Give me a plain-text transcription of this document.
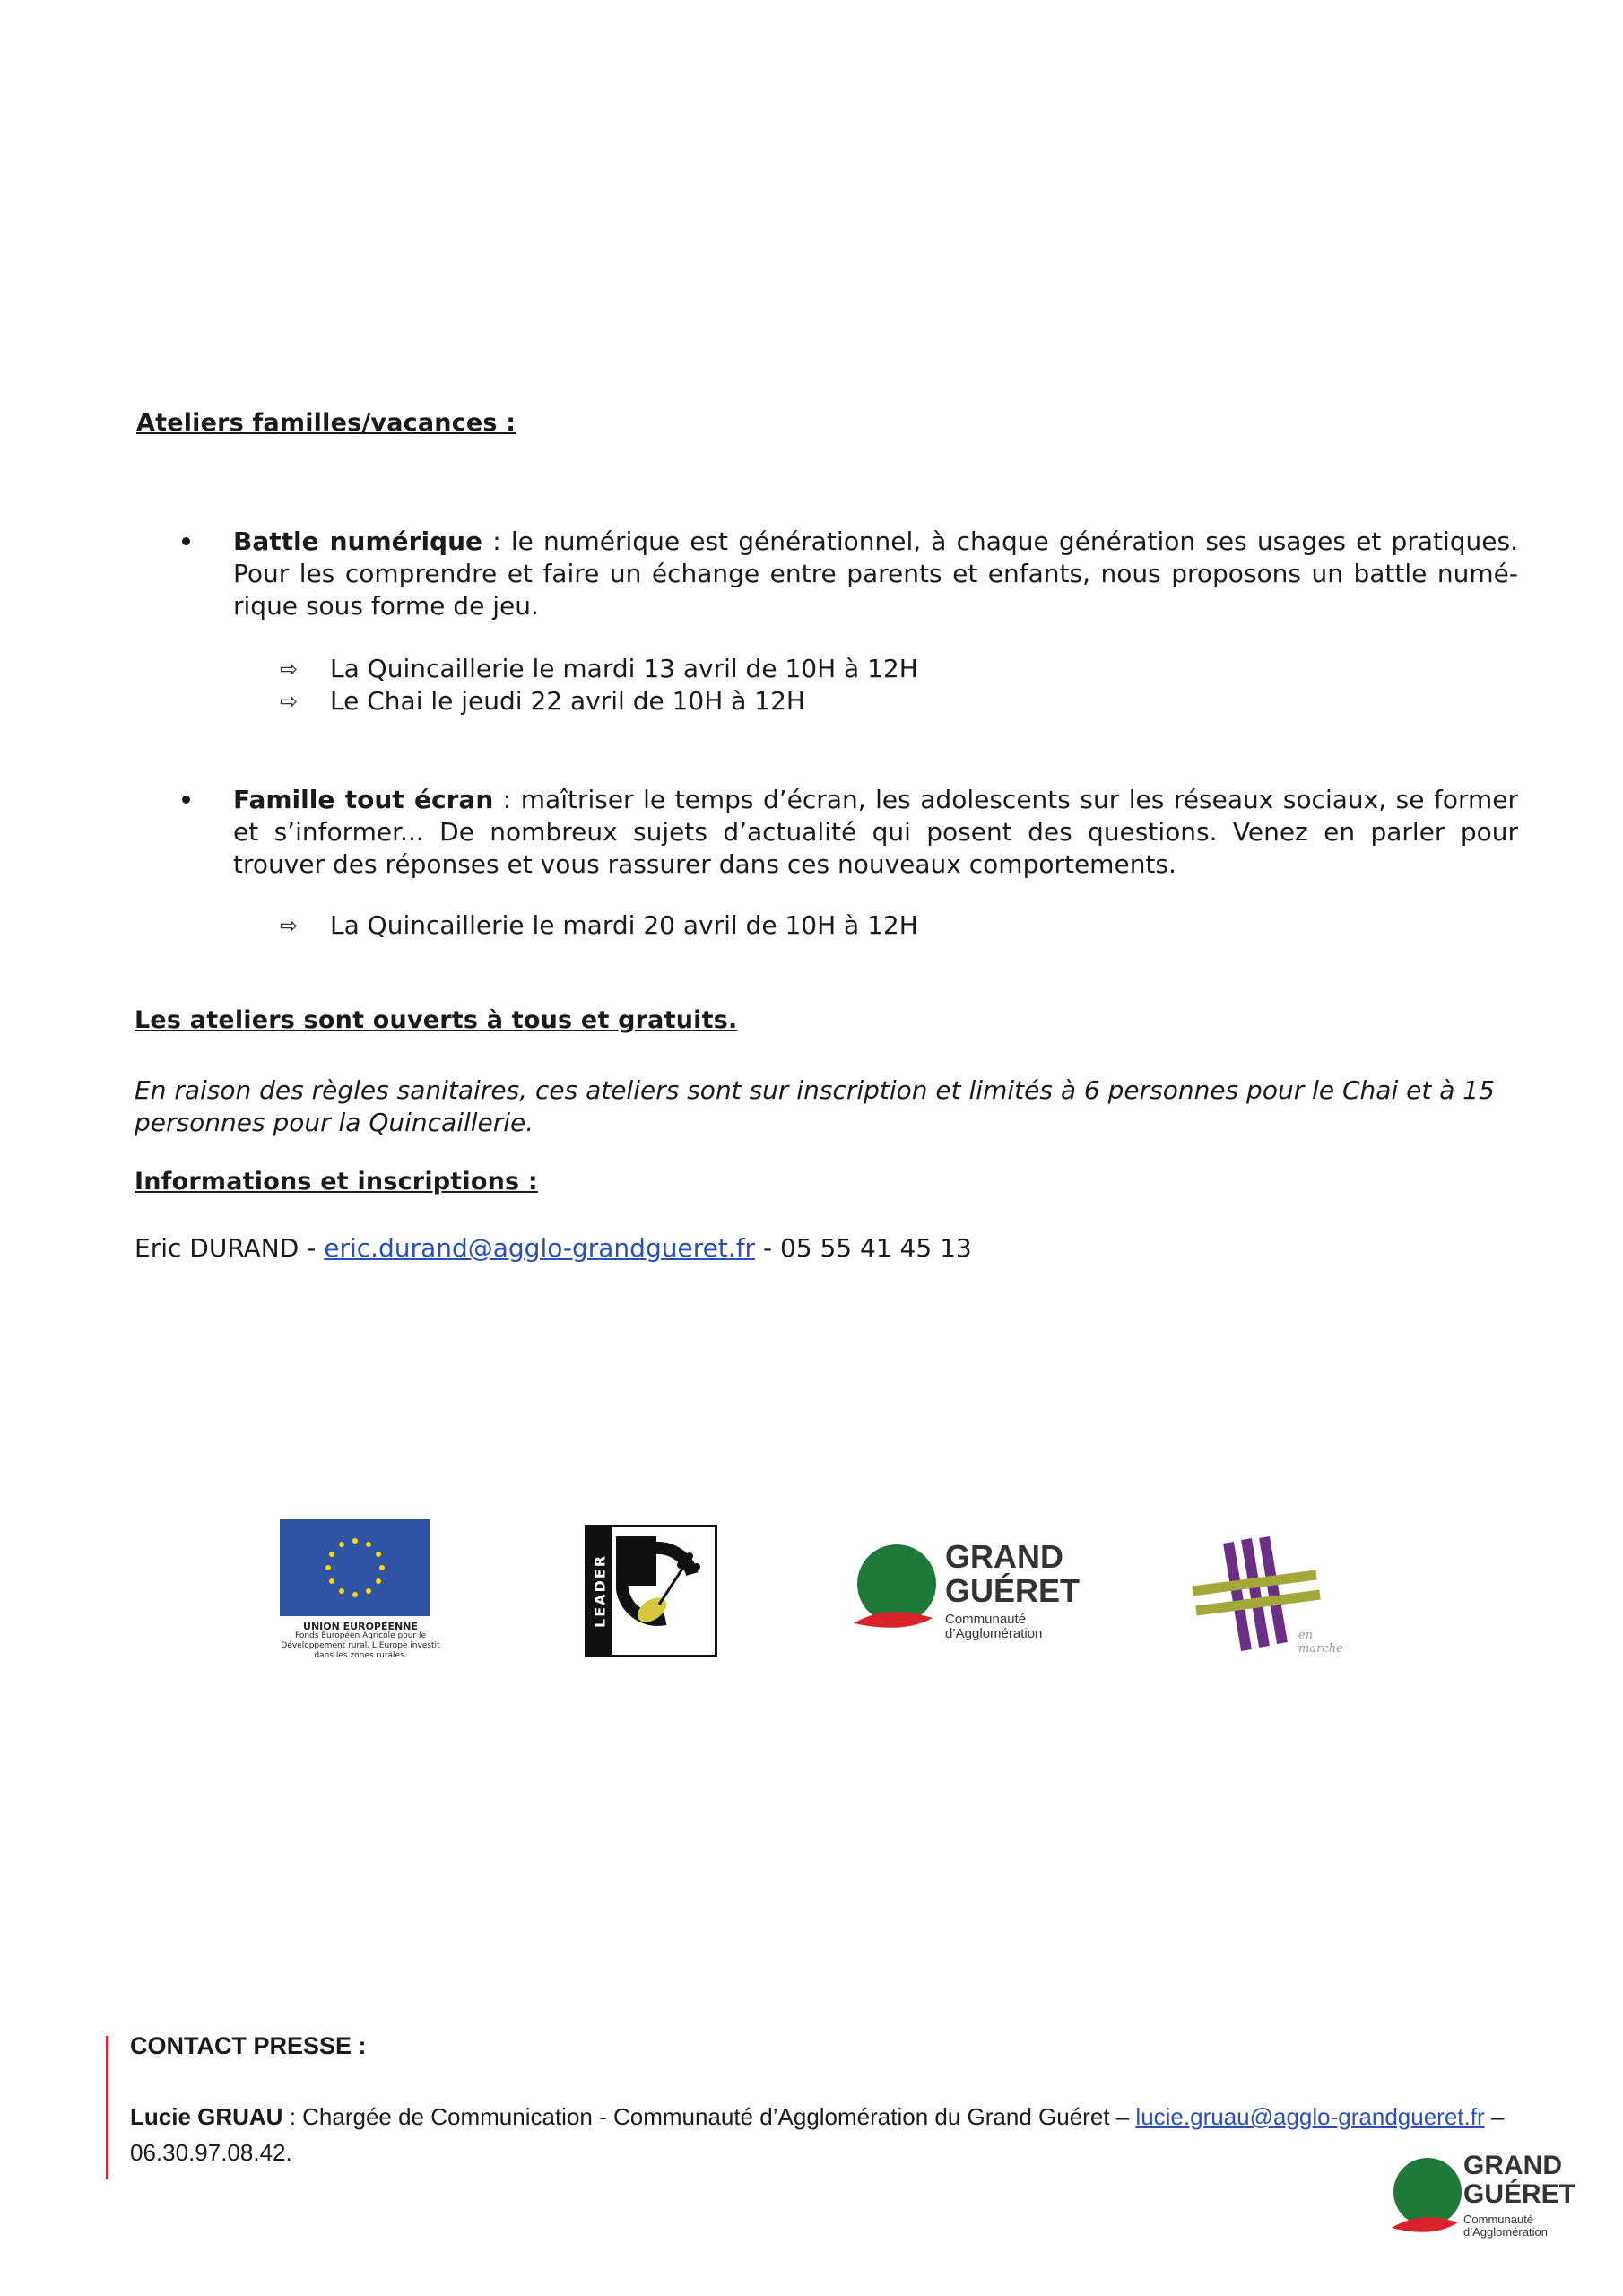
Ateliers familles/vacances :
Battle numérique : le numérique est générationnel, à chaque génération ses usages et pratiques. Pour les comprendre et faire un échange entre parents et enfants, nous proposons un battle numé-rique sous forme de jeu.
⇨	La Quincaillerie le mardi 13 avril de 10H à 12H
⇨	Le Chai le jeudi 22 avril de 10H à 12H
Famille tout écran : maîtriser le temps d’écran, les adolescents sur les réseaux sociaux, se former et s’informer... De nombreux sujets d’actualité qui posent des questions. Venez en parler pour trouver des réponses et vous rassurer dans ces nouveaux comportements.
⇨	La Quincaillerie le mardi 20 avril de 10H à 12H
Les ateliers sont ouverts à tous et gratuits.
En raison des règles sanitaires, ces ateliers sont sur inscription et limités à 6 personnes pour le Chai et à 15 personnes pour la Quincaillerie.
Informations et inscriptions :
Eric DURAND - eric.durand@agglo-grandgueret.fr - 05 55 41 45 13
UNION EUROPEENNE
Fonds Européen Agricole pour le Développement rural. L’Europe investit dans les zones rurales.
LEADER	GRAND
GUÉRET
Communauté
d’Agglomération	en marche
CONTACT PRESSE :
Lucie GRUAU : Chargée de Communication - Communauté d’Agglomération du Grand Guéret – lucie.gruau@agglo-grandgueret.fr – 06.30.97.08.42.	GRAND
GUÉRET
Communauté
d’Agglomération
